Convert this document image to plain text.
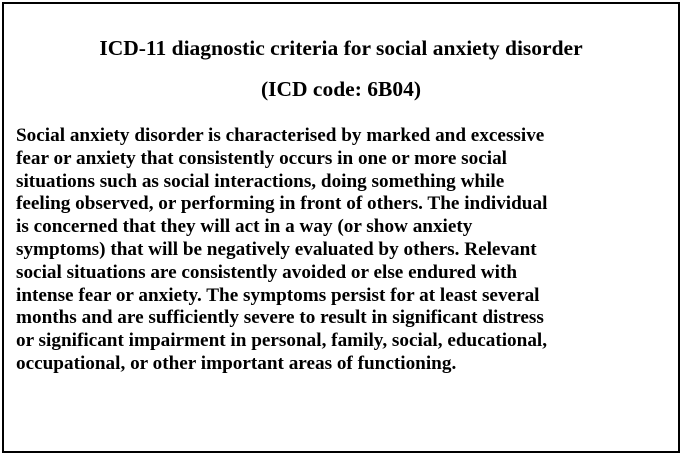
ICD-11 diagnostic criteria for social anxiety disorder
(ICD code: 6B04)
Social anxiety disorder is characterised by marked and excessive
fear or anxiety that consistently occurs in one or more social
situations such as social interactions, doing something while
feeling observed, or performing in front of others. The individual
is concerned that they will act in a way (or show anxiety
symptoms) that will be negatively evaluated by others. Relevant
social situations are consistently avoided or else endured with
intense fear or anxiety. The symptoms persist for at least several
months and are sufficiently severe to result in significant distress
or significant impairment in personal, family, social, educational,
occupational, or other important areas of functioning.
